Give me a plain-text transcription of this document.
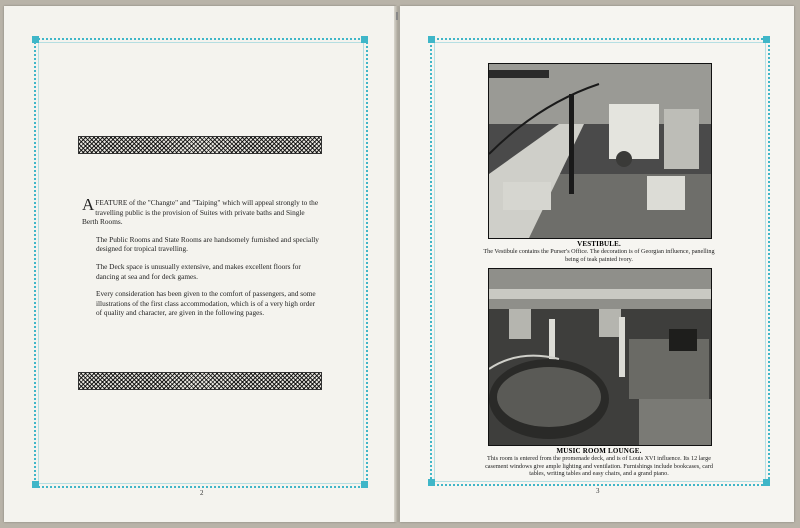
AFEATURE of the "Changte" and "Taiping" which will appeal strongly to the travelling public is the provision of Suites with private baths and Single Berth Rooms.

The Public Rooms and State Rooms are handsomely furnished and specially designed for tropical travelling.

The Deck space is unusually extensive, and makes excellent floors for dancing at sea and for deck games.

Every consideration has been given to the comfort of passengers, and some illustrations of the first class accommodation, which is of a very high order of quality and character, are given in the following pages.

2
VESTIBULE.
The Vestibule contains the Purser's Office. The decoration is of Georgian influence, panelling being of teak painted ivory.
MUSIC ROOM LOUNGE.
This room is entered from the promenade deck, and is of Louis XVI influence. Its 12 large casement windows give ample lighting and ventilation. Furnishings include bookcases, card tables, writing tables and easy chairs, and a grand piano.
3
